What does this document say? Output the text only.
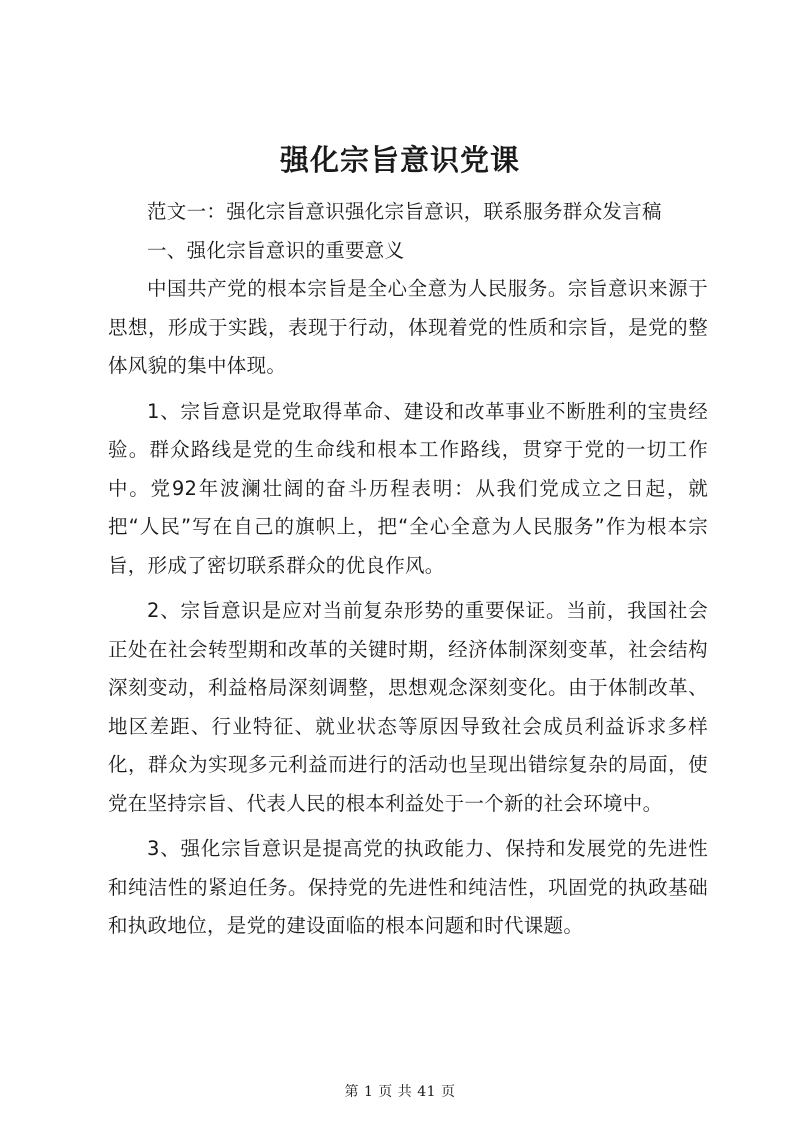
强化宗旨意识党课

范文一：强化宗旨意识强化宗旨意识，联系服务群众发言稿

一、强化宗旨意识的重要意义

中国共产党的根本宗旨是全心全意为人民服务。宗旨意识来源于思想，形成于实践，表现于行动，体现着党的性质和宗旨，是党的整体风貌的集中体现。

1、宗旨意识是党取得革命、建设和改革事业不断胜利的宝贵经验。群众路线是党的生命线和根本工作路线，贯穿于党的一切工作中。党92年波澜壮阔的奋斗历程表明：从我们党成立之日起，就把“人民”写在自己的旗帜上，把“全心全意为人民服务”作为根本宗旨，形成了密切联系群众的优良作风。

2、宗旨意识是应对当前复杂形势的重要保证。当前，我国社会正处在社会转型期和改革的关键时期，经济体制深刻变革，社会结构深刻变动，利益格局深刻调整，思想观念深刻变化。由于体制改革、地区差距、行业特征、就业状态等原因导致社会成员利益诉求多样化，群众为实现多元利益而进行的活动也呈现出错综复杂的局面，使党在坚持宗旨、代表人民的根本利益处于一个新的社会环境中。

3、强化宗旨意识是提高党的执政能力、保持和发展党的先进性和纯洁性的紧迫任务。保持党的先进性和纯洁性，巩固党的执政基础和执政地位，是党的建设面临的根本问题和时代课题。

第 1 页 共 41 页
